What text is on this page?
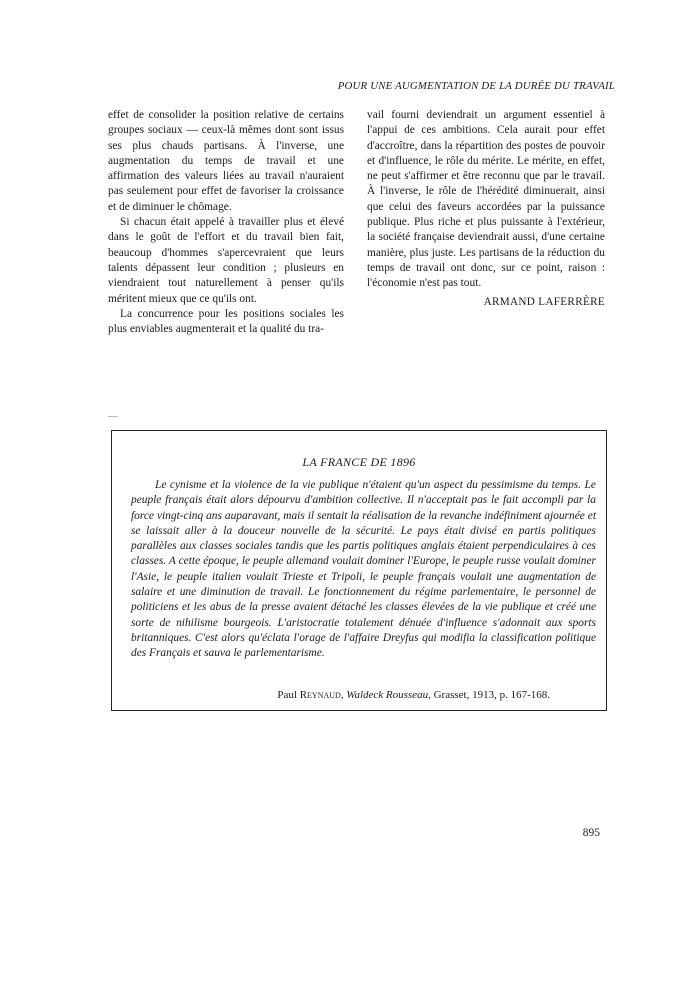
POUR UNE AUGMENTATION DE LA DURÉE DU TRAVAIL

effet de consolider la position relative de certains groupes sociaux — ceux-là mêmes dont sont issus ses plus chauds partisans. À l'inverse, une augmentation du temps de travail et une affirmation des valeurs liées au travail n'auraient pas seulement pour effet de favoriser la croissance et de diminuer le chômage.

Si chacun était appelé à travailler plus et élevé dans le goût de l'effort et du travail bien fait, beaucoup d'hommes s'apercevraient que leurs talents dépassent leur condition ; plusieurs en viendraient tout naturellement à penser qu'ils méritent mieux que ce qu'ils ont.

La concurrence pour les positions sociales les plus enviables augmenterait et la qualité du tra-

vail fourni deviendrait un argument essentiel à l'appui de ces ambitions. Cela aurait pour effet d'accroître, dans la répartition des postes de pouvoir et d'influence, le rôle du mérite. Le mérite, en effet, ne peut s'affirmer et être reconnu que par le travail. À l'inverse, le rôle de l'hérédité diminuerait, ainsi que celui des faveurs accordées par la puissance publique. Plus riche et plus puissante à l'extérieur, la société française deviendrait aussi, d'une certaine manière, plus juste. Les partisans de la réduction du temps de travail ont donc, sur ce point, raison : l'économie n'est pas tout.

ARMAND LAFERRÈRE
LA FRANCE DE 1896

Le cynisme et la violence de la vie publique n'étaient qu'un aspect du pessimisme du temps. Le peuple français était alors dépourvu d'ambition collective. Il n'acceptait pas le fait accompli par la force vingt-cinq ans auparavant, mais il sentait la réalisation de la revanche indéfiniment ajournée et se laissait aller à la douceur nouvelle de la sécurité. Le pays était divisé en partis politiques parallèles aux classes sociales tandis que les partis politiques anglais étaient perpendiculaires à ces classes. A cette époque, le peuple allemand voulait dominer l'Europe, le peuple russe voulait dominer l'Asie, le peuple italien voulait Trieste et Tripoli, le peuple français voulait une augmentation de salaire et une diminution de travail. Le fonctionnement du régime parlementaire, le personnel de politiciens et les abus de la presse avaient détaché les classes élevées de la vie publique et créé une sorte de nihilisme bourgeois. L'aristocratie totalement dénuée d'influence s'adonnait aux sports britanniques. C'est alors qu'éclata l'orage de l'affaire Dreyfus qui modifia la classification politique des Français et sauva le parlementarisme.

Paul Reynaud, Waldeck Rousseau, Grasset, 1913, p. 167-168.
895
